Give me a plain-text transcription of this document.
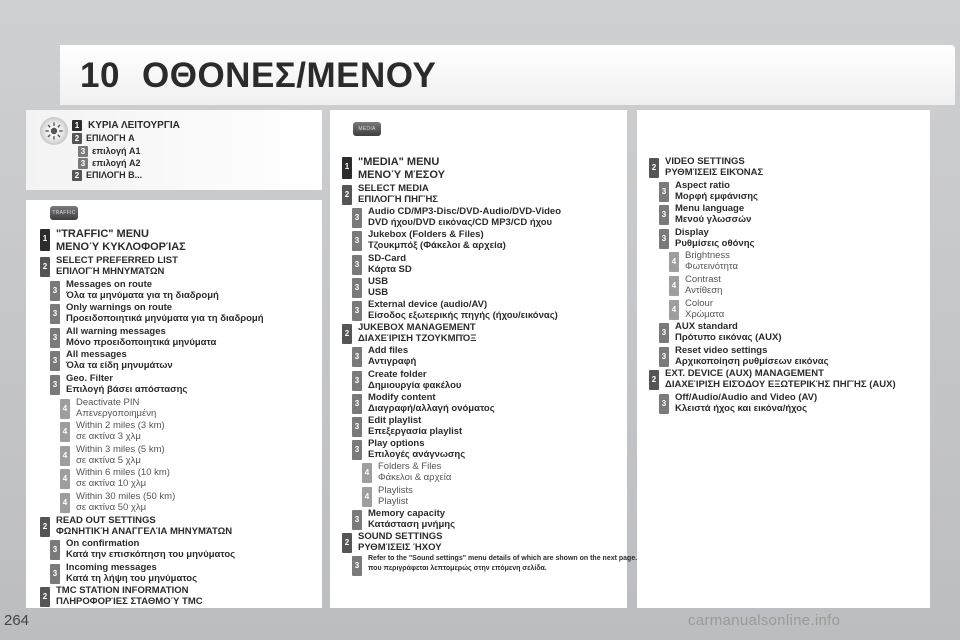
10 ΟΘΟΝΕΣ/ΜΕΝΟΥ
TRAFFIC
MEDIA
1 ΚΥΡΙΑ ΛΕΙΤΟΥΡΓΙΑ
2 ΕΠΙΛΟΓΗ A
3 επιλογή A1
3 επιλογή A2
2 ΕΠΙΛΟΓΗ B...
1 "TRAFFIC" MENU
ΜΕΝΟΎ ΚΥΚΛΟΦΟΡΊΑΣ
2
SELECT PREFERRED LIST
ΕΠΙΛΟΓΉ ΜΗΝΥΜΆΤΩΝ
3
Messages on route
Όλα τα μηνύματα για τη διαδρομή
3
Only warnings on route
Προειδοποιητικά μηνύματα για τη διαδρομή
3
All warning messages
Μόνο προειδοποιητικά μηνύματα
3
All messages
Όλα τα είδη μηνυμάτων
3
Geo. Filter
Επιλογή βάσει απόστασης
4
Deactivate PIN
Απενεργοποιημένη
4
Within 2 miles (3 km)
σε ακτίνα 3 χλμ
4
Within 3 miles (5 km)
σε ακτίνα 5 χλμ
4
Within 6 miles (10 km)
σε ακτίνα 10 χλμ
4
Within 30 miles (50 km)
σε ακτίνα 50 χλμ
2
READ OUT SETTINGS
ΦΩΝΗΤΙΚΉ ΑΝΑΓΓΕΛΊΑ ΜΗΝΥΜΆΤΩΝ
3
On confirmation
Κατά την επισκόπηση του μηνύματος
3
Incoming messages
Κατά τη λήψη του μηνύματος
2
TMC STATION INFORMATION
ΠΛΗΡΟΦΟΡΊΕΣ ΣΤΑΘΜΟΎ TMC
1 "MEDIA" MENU
ΜΕΝΟΎ ΜΈΣΟΥ
2
SELECT MEDIA
ΕΠΙΛΟΓΉ ΠΗΓΉΣ
3
Audio CD/MP3-Disc/DVD-Audio/DVD-Video
DVD ήχου/DVD εικόνας/CD MP3/CD ήχου
3
Jukebox (Folders & Files)
Τζουκμπόξ (Φάκελοι & αρχεία)
3
SD-Card
Κάρτα SD
3
USB
USB
3
External device (audio/AV)
Είσοδος εξωτερικής πηγής (ήχου/εικόνας)
2
JUKEBOX MANAGEMENT
ΔΙΑΧΕΊΡΙΣΗ ΤΖΟΥΚΜΠΌΞ
3
Add files
Αντιγραφή
3
Create folder
Δημιουργία φακέλου
3
Modify content
Διαγραφή/αλλαγή ονόματος
3
Edit playlist
Επεξεργασία playlist
3
Play options
Επιλογές ανάγνωσης
4
Folders & Files
Φάκελοι & αρχεία
4
Playlists
Playlist
3
Memory capacity
Κατάσταση μνήμης
2
SOUND SETTINGS
ΡΥΘΜΊΣΕΙΣ ΉΧΟΥ
3
Refer to the "Sound settings" menu details of which are shown on the next page.
που περιγράφεται λεπτομερώς στην επόμενη σελίδα.
2
VIDEO SETTINGS
ΡΥΘΜΊΣΕΙΣ ΕΙΚΌΝΑΣ
3
Aspect ratio
Μορφή εμφάνισης
3
Menu language
Μενού γλωσσών
3
Display
Ρυθμίσεις οθόνης
4
Brightness
Φωτεινότητα
4
Contrast
Αντίθεση
4
Colour
Χρώματα
3
AUX standard
Πρότυπο εικόνας (AUX)
3
Reset video settings
Αρχικοποίηση ρυθμίσεων εικόνας
2
EXT. DEVICE (AUX) MANAGEMENT
ΔΙΑΧΕΊΡΙΣΗ ΕΙΣΌΔΟΥ ΕΞΩΤΕΡΙΚΉΣ ΠΗΓΉΣ (AUX)
3
Off/Audio/Audio and Video (AV)
Κλειστά ήχος και εικόνα/ήχος
264	carmanualsonline.info
